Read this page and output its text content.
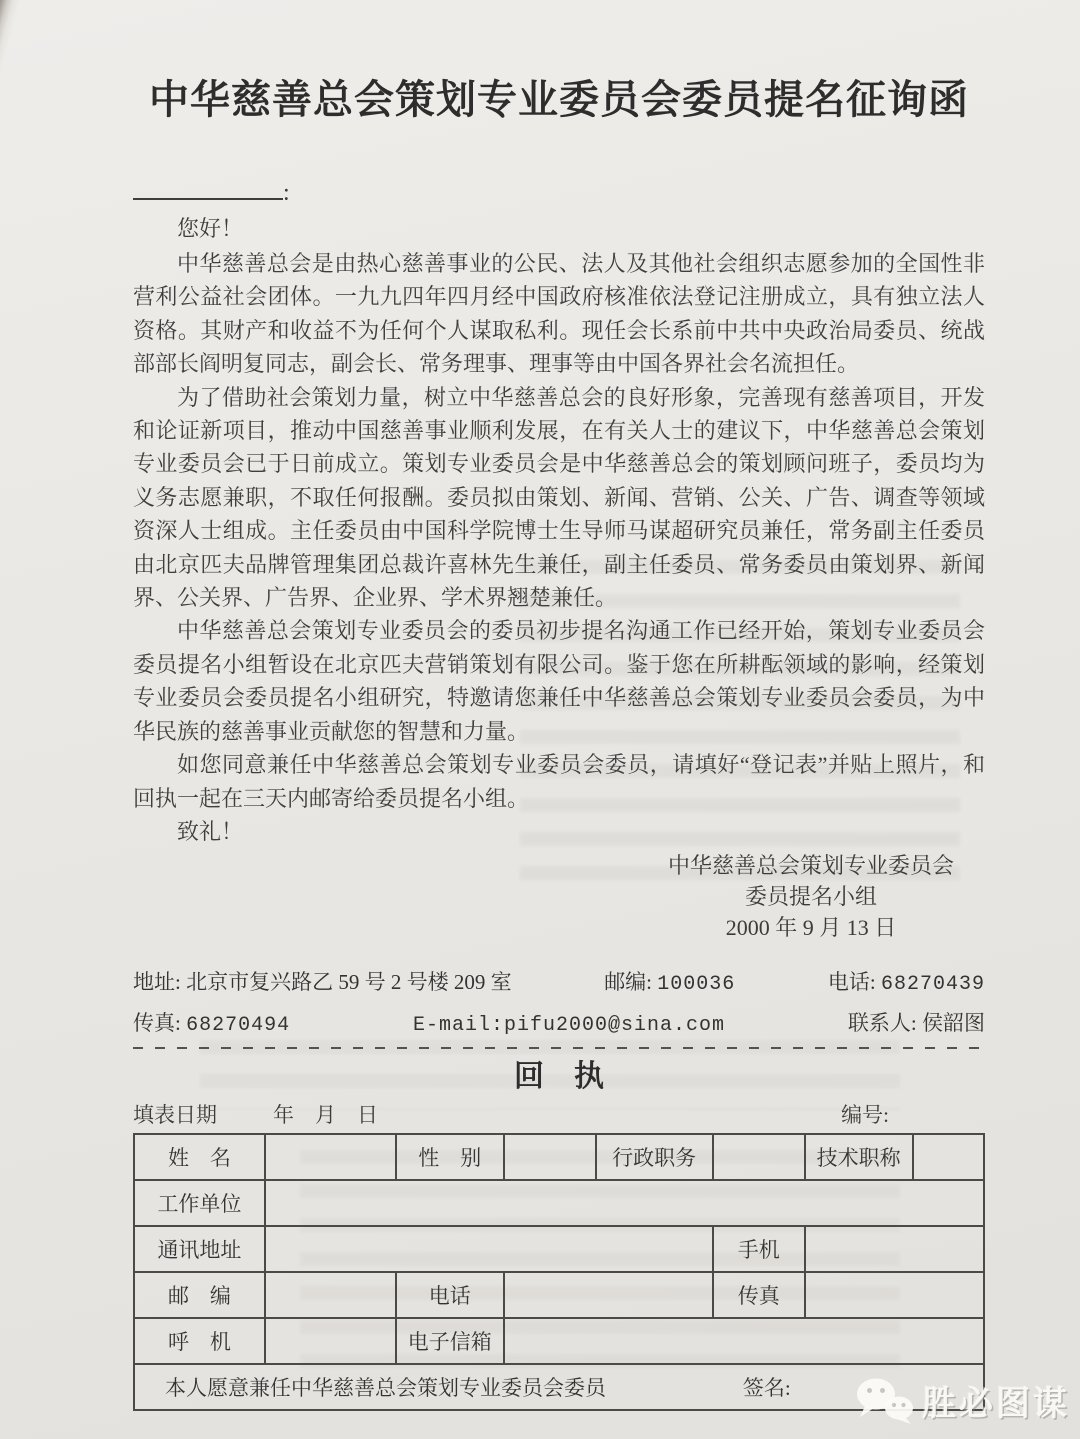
中华慈善总会策划专业委员会委员提名征询函
:
您好！

中华慈善总会是由热心慈善事业的公民、法人及其他社会组织志愿参加的全国性非营利公益社会团体。一九九四年四月经中国政府核准依法登记注册成立，具有独立法人资格。其财产和收益不为任何个人谋取私利。现任会长系前中共中央政治局委员、统战部部长阎明复同志，副会长、常务理事、理事等由中国各界社会名流担任。

为了借助社会策划力量，树立中华慈善总会的良好形象，完善现有慈善项目，开发和论证新项目，推动中国慈善事业顺利发展，在有关人士的建议下，中华慈善总会策划专业委员会已于日前成立。策划专业委员会是中华慈善总会的策划顾问班子，委员均为义务志愿兼职，不取任何报酬。委员拟由策划、新闻、营销、公关、广告、调查等领域资深人士组成。主任委员由中国科学院博士生导师马谋超研究员兼任，常务副主任委员由北京匹夫品牌管理集团总裁许喜林先生兼任，副主任委员、常务委员由策划界、新闻界、公关界、广告界、企业界、学术界翘楚兼任。

中华慈善总会策划专业委员会的委员初步提名沟通工作已经开始，策划专业委员会委员提名小组暂设在北京匹夫营销策划有限公司。鉴于您在所耕酝领域的影响，经策划专业委员会委员提名小组研究，特邀请您兼任中华慈善总会策划专业委员会委员，为中华民族的慈善事业贡献您的智慧和力量。

如您同意兼任中华慈善总会策划专业委员会委员，请填好“登记表”并贴上照片，和回执一起在三天内邮寄给委员提名小组。

致礼！

中华慈善总会策划专业委员会
委员提名小组
2000 年 9 月 13 日
地址: 北京市复兴路乙 59 号 2 号楼 209 室	邮编: 100036	电话: 68270439
传真: 68270494	E-mail:pifu2000@sina.com	联系人: 侯韶图
回　执
填表日期	年　月　日	编号:
姓　名		性　别		行政职务		技术职称	
工作单位							
通讯地址					手机		
邮　编		电话			传真		
呼　机		电子信箱					

本人愿意兼任中华慈善总会策划专业委员会委员 签名:								胜必图谋
